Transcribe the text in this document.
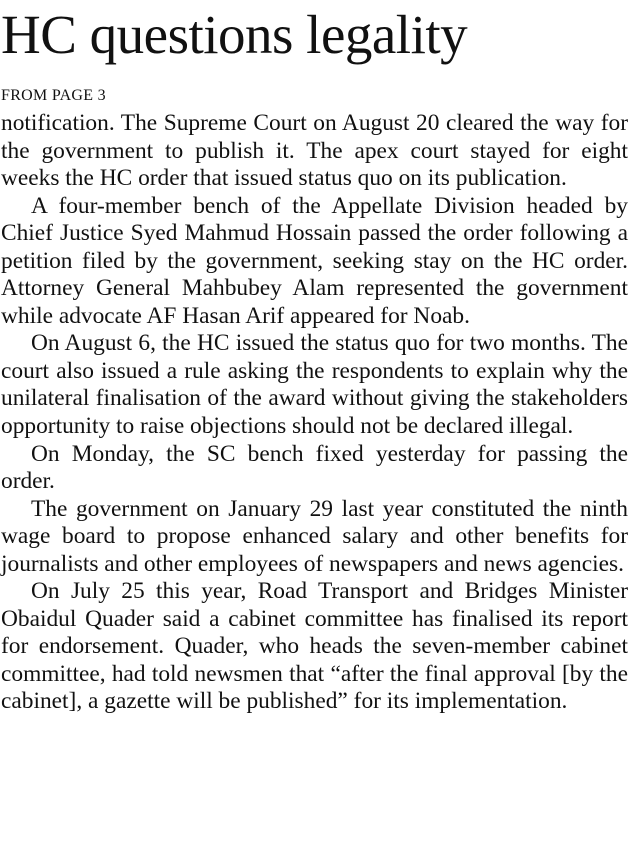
HC questions legality
FROM PAGE 3

notification. The Supreme Court on August 20 cleared the way for the government to publish it. The apex court stayed for eight weeks the HC order that issued status quo on its publication.

A four-member bench of the Appellate Division headed by Chief Justice Syed Mahmud Hossain passed the order following a petition filed by the government, seeking stay on the HC order. Attorney General Mahbubey Alam represented the government while advocate AF Hasan Arif appeared for Noab.

On August 6, the HC issued the status quo for two months. The court also issued a rule asking the respondents to explain why the unilateral finalisation of the award without giving the stakeholders opportunity to raise objections should not be declared illegal.

On Monday, the SC bench fixed yesterday for passing the order.

The government on January 29 last year constituted the ninth wage board to propose enhanced salary and other benefits for journalists and other employees of newspapers and news agencies.

On July 25 this year, Road Transport and Bridges Minister Obaidul Quader said a cabinet committee has finalised its report for endorsement. Quader, who heads the seven-member cabinet committee, had told newsmen that “after the final approval [by the cabinet], a gazette will be published” for its implementation.
